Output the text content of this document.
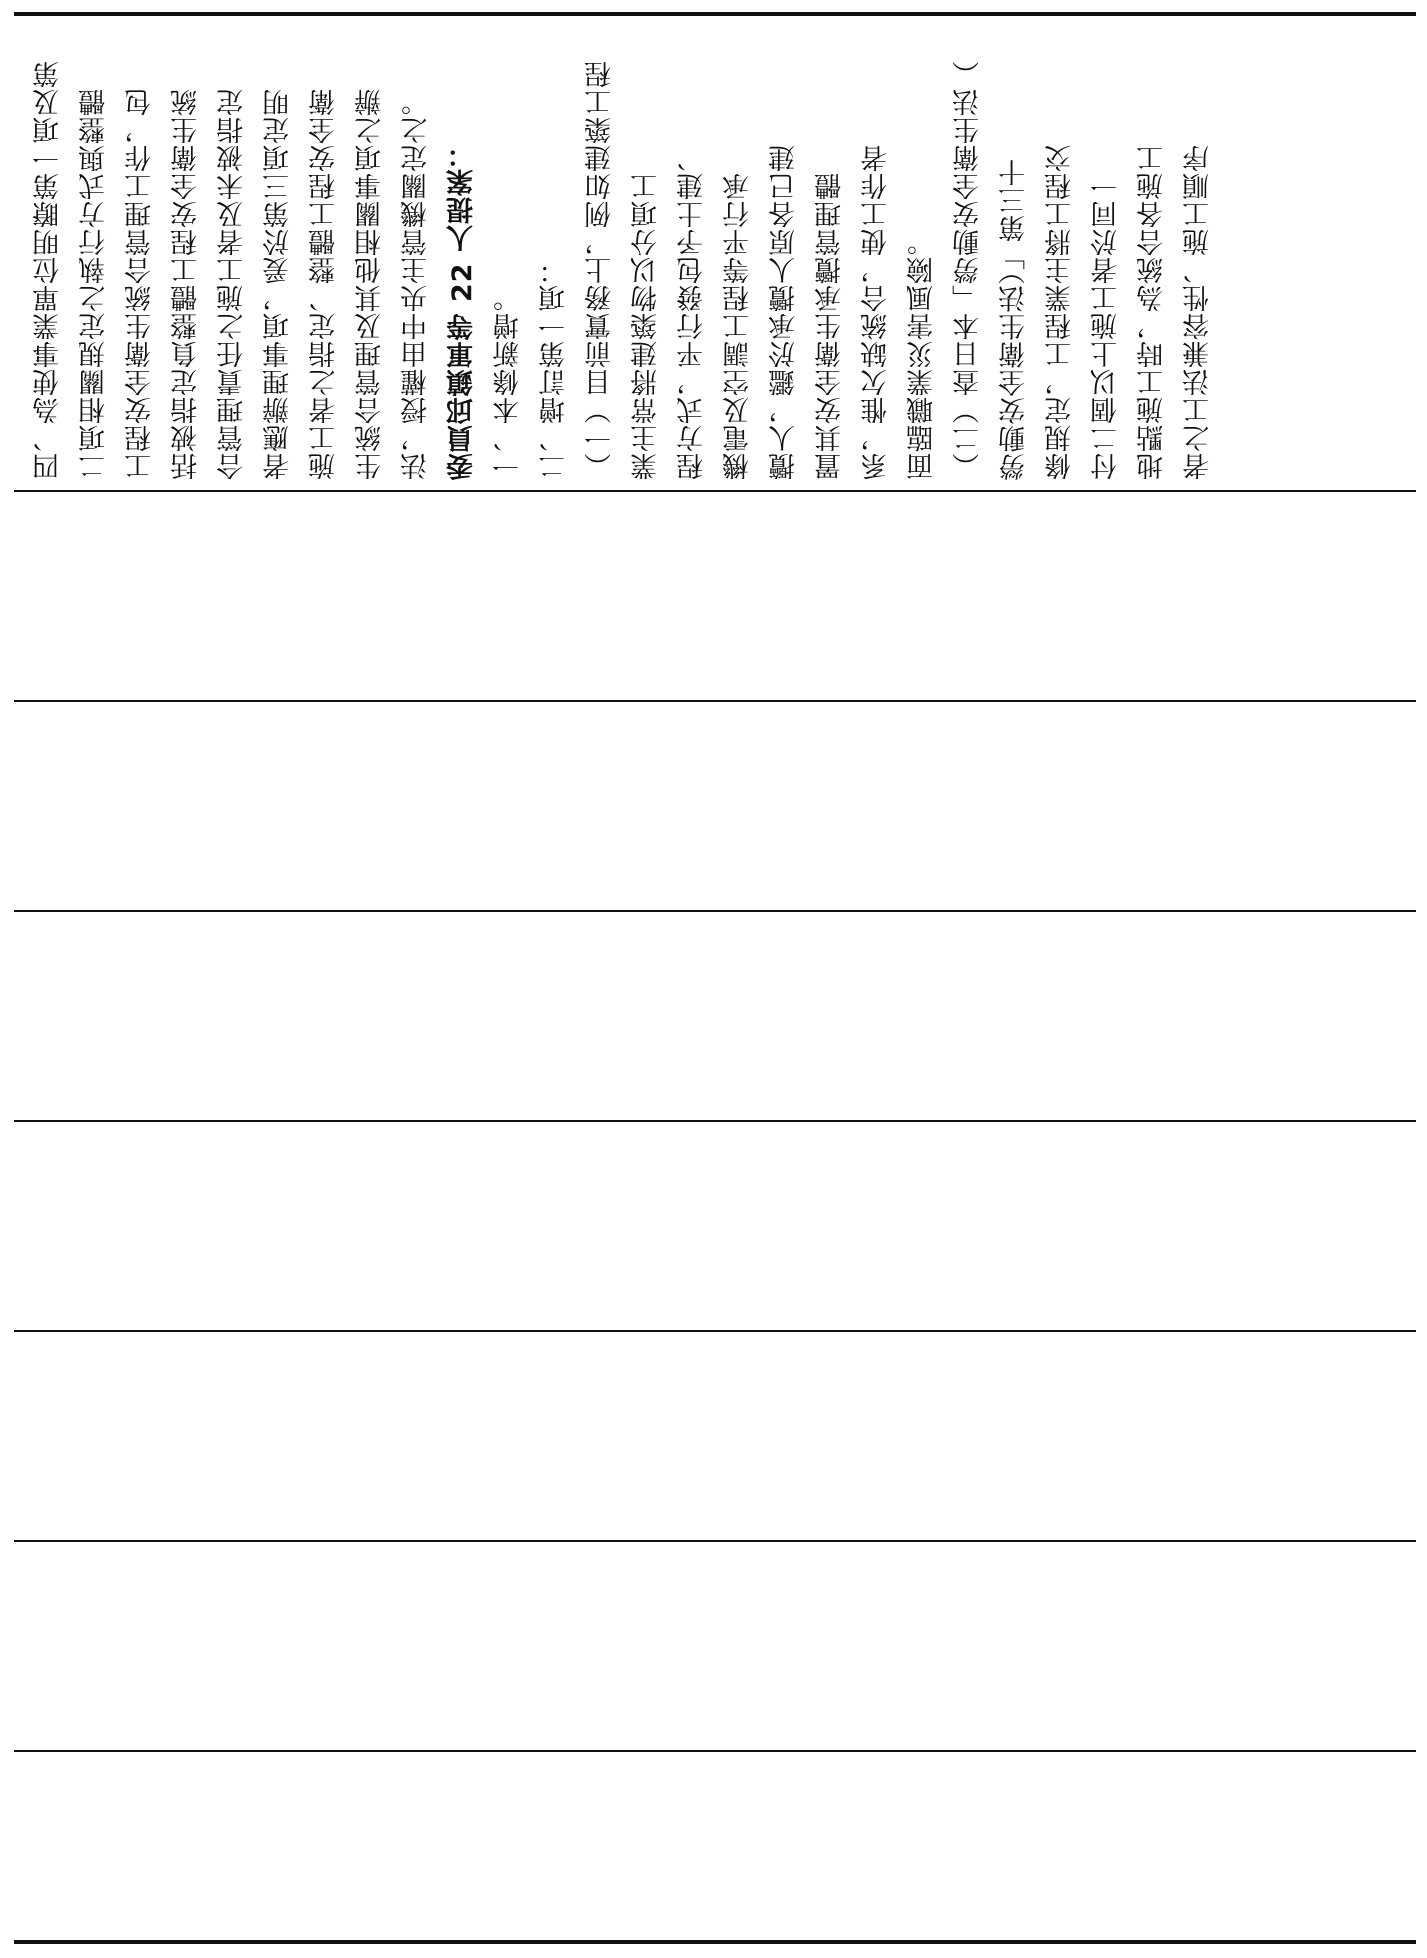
四、為使事業單位明瞭第一項及第 二項相關規定之執行方式與整體 工程安全衛生統合管理工作，包 括被指定負整體工程安全衛生統 合管理責任之施工者及未被指定 者應辦理事項，爰於第三項定明 施工者之指定、整體工程安全衛 生統合管理及其他相關事項之辦 法，授權由中央主管機關定之。 委員邱鎮軍等 22 人提案： 一、本條新增。 二、增訂第一項： （一）目前實務上，例如建築工程 業主常將建築物以分項工 程方式，平行發包予土建、 機電及空調工程等平行承 攬人，鑑於承攬人原各已建 置其安全衛生承攬管理體 系，惟欠缺統合，使工作者 面臨職業災害風險。 （二）查日本「勞動安全衛生法（ 勞動安全衛生法）」第三十 條規定，工程業主將工程交 付二個以上施工者於同一 地點施工時，為統合各施工 者之工法兼容性、施工順序
